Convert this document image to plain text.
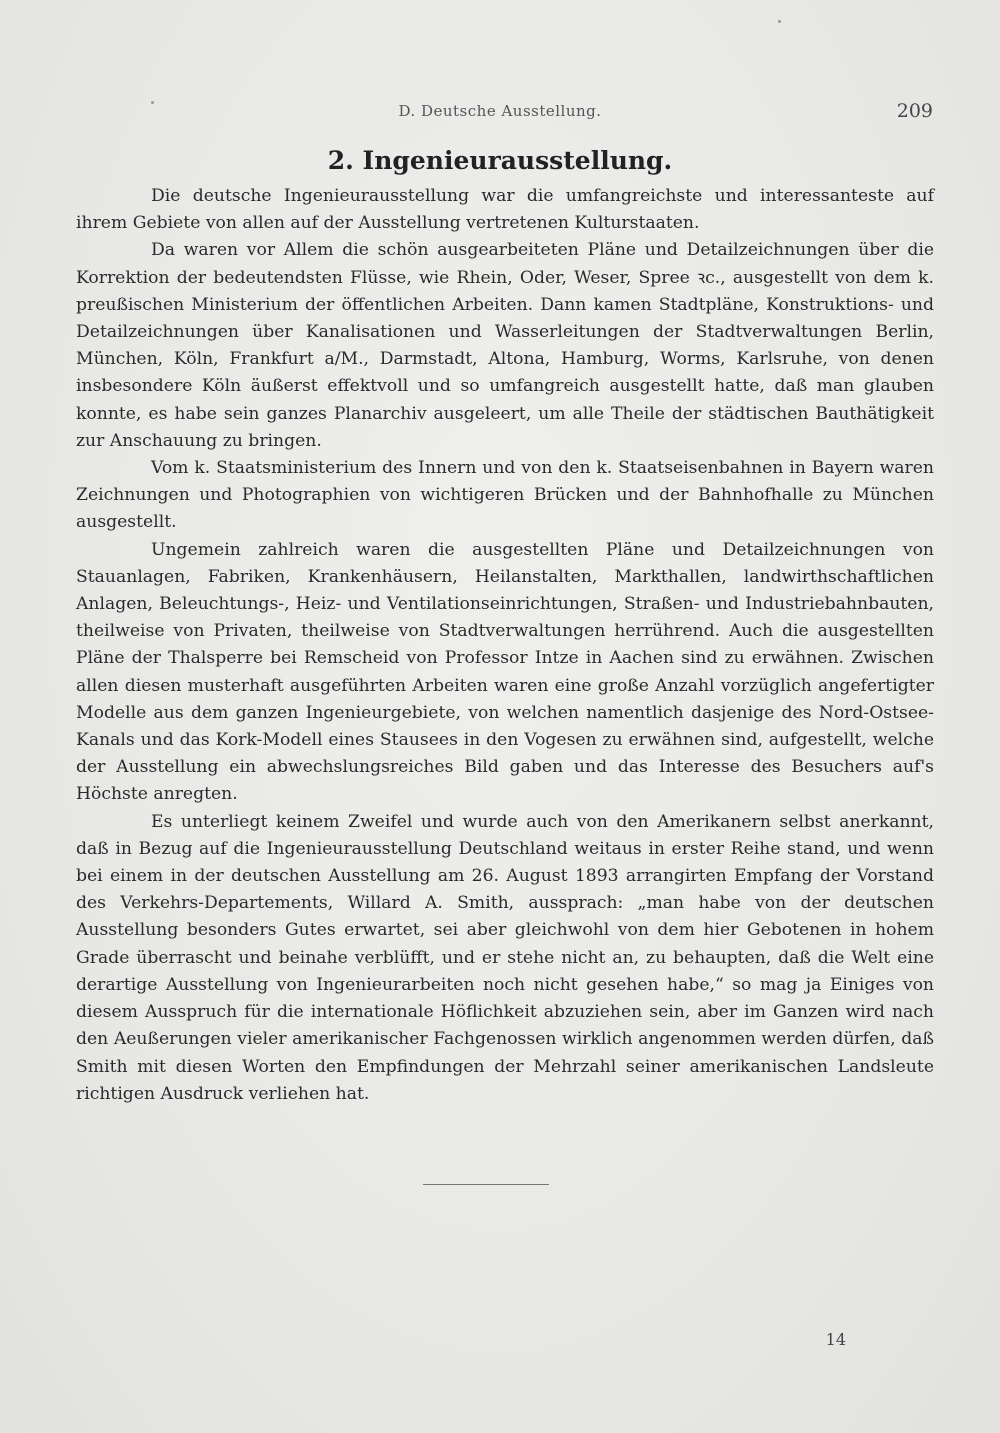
D. Deutsche Ausstellung.	209
2. Ingenieurausstellung.

Die deutsche Ingenieurausstellung war die umfangreichste und interessanteste auf ihrem Gebiete von allen auf der Ausstellung vertretenen Kulturstaaten.

Da waren vor Allem die schön ausgearbeiteten Pläne und Detailzeichnungen über die Korrektion der bedeutendsten Flüsse, wie Rhein, Oder, Weser, Spree ꝛc., ausgestellt von dem k. preußischen Ministerium der öffentlichen Arbeiten. Dann kamen Stadtpläne, Konstruktions- und Detailzeichnungen über Kanalisationen und Wasserleitungen der Stadtverwaltungen Berlin, München, Köln, Frankfurt a/M., Darmstadt, Altona, Hamburg, Worms, Karlsruhe, von denen insbesondere Köln äußerst effektvoll und so umfangreich ausgestellt hatte, daß man glauben konnte, es habe sein ganzes Planarchiv ausgeleert, um alle Theile der städtischen Bauthätigkeit zur Anschauung zu bringen.

Vom k. Staatsministerium des Innern und von den k. Staatseisenbahnen in Bayern waren Zeichnungen und Photographien von wichtigeren Brücken und der Bahnhofhalle zu München ausgestellt.

Ungemein zahlreich waren die ausgestellten Pläne und Detailzeichnungen von Stauanlagen, Fabriken, Krankenhäusern, Heilanstalten, Markthallen, landwirthschaftlichen Anlagen, Beleuchtungs-, Heiz- und Ventilationseinrichtungen, Straßen- und Industriebahnbauten, theilweise von Privaten, theilweise von Stadtverwaltungen herrührend. Auch die ausgestellten Pläne der Thalsperre bei Remscheid von Professor Intze in Aachen sind zu erwähnen. Zwischen allen diesen musterhaft ausgeführten Arbeiten waren eine große Anzahl vorzüglich angefertigter Modelle aus dem ganzen Ingenieurgebiete, von welchen namentlich dasjenige des Nord-Ostsee-Kanals und das Kork-Modell eines Stausees in den Vogesen zu erwähnen sind, aufgestellt, welche der Ausstellung ein abwechslungsreiches Bild gaben und das Interesse des Besuchers auf's Höchste anregten.

Es unterliegt keinem Zweifel und wurde auch von den Amerikanern selbst anerkannt, daß in Bezug auf die Ingenieurausstellung Deutschland weitaus in erster Reihe stand, und wenn bei einem in der deutschen Ausstellung am 26. August 1893 arrangirten Empfang der Vorstand des Verkehrs-Departements, Willard A. Smith, aussprach: „man habe von der deutschen Ausstellung besonders Gutes erwartet, sei aber gleichwohl von dem hier Gebotenen in hohem Grade überrascht und beinahe verblüfft, und er stehe nicht an, zu behaupten, daß die Welt eine derartige Ausstellung von Ingenieurarbeiten noch nicht gesehen habe,“ so mag ja Einiges von diesem Ausspruch für die internationale Höflichkeit abzuziehen sein, aber im Ganzen wird nach den Aeußerungen vieler amerikanischer Fachgenossen wirklich angenommen werden dürfen, daß Smith mit diesen Worten den Empfindungen der Mehrzahl seiner amerikanischen Landsleute richtigen Ausdruck verliehen hat.

14
